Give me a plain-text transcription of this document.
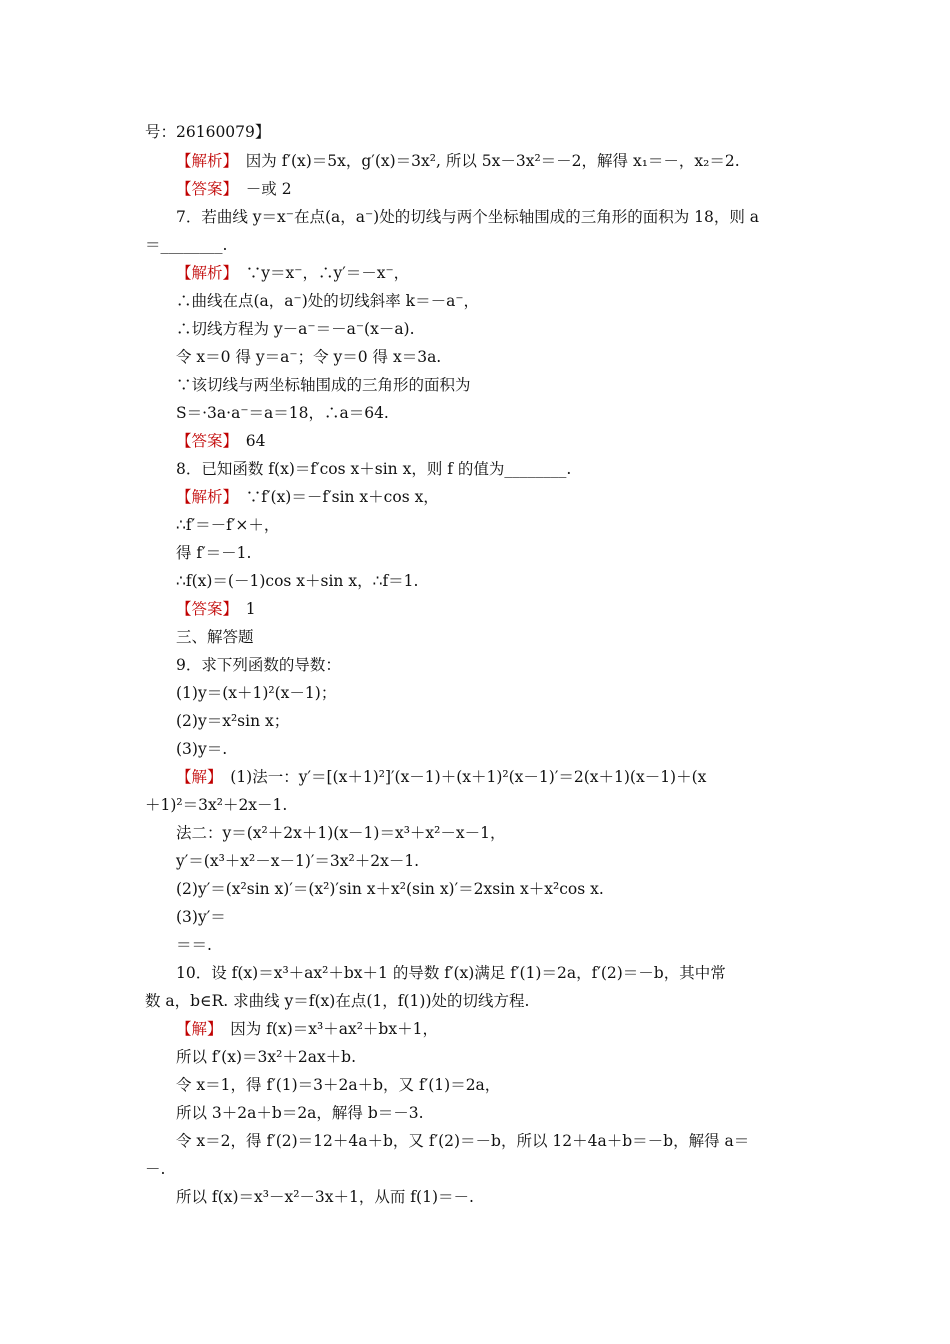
号：26160079】
【解析】　因为 f′(x)＝5x，g′(x)＝3x², 所以 5x－3x²＝－2，解得 x₁＝－，x₂＝2.
【答案】　－或 2
7．若曲线 y＝x⁻在点(a，a⁻)处的切线与两个坐标轴围成的三角形的面积为 18，则 a
＝________.
【解析】　∵y＝x⁻，∴y′＝－x⁻，
∴曲线在点(a，a⁻)处的切线斜率 k＝－a⁻，
∴切线方程为 y－a⁻＝－a⁻(x－a).
令 x＝0 得 y＝a⁻；令 y＝0 得 x＝3a.
∵该切线与两坐标轴围成的三角形的面积为
S＝·3a·a⁻＝a＝18，∴a＝64.
【答案】　64
8．已知函数 f(x)＝f′cos x＋sin x，则 f 的值为________.
【解析】　∵f′(x)＝－f′sin x＋cos x，
∴f′＝－f′×＋，
得 f′＝－1.
∴f(x)＝(－1)cos x＋sin x，∴f＝1.
【答案】　1
三、解答题
9．求下列函数的导数：
(1)y＝(x＋1)²(x－1)；
(2)y＝x²sin x；
(3)y＝.
【解】　(1)法一：y′＝[(x＋1)²]′(x－1)＋(x＋1)²(x－1)′＝2(x＋1)(x－1)＋(x
＋1)²＝3x²＋2x－1.
法二：y＝(x²＋2x＋1)(x－1)＝x³＋x²－x－1，
y′＝(x³＋x²－x－1)′＝3x²＋2x－1.
(2)y′＝(x²sin x)′＝(x²)′sin x＋x²(sin x)′＝2xsin x＋x²cos x.
(3)y′＝
＝＝.
10．设 f(x)＝x³＋ax²＋bx＋1 的导数 f′(x)满足 f′(1)＝2a，f′(2)＝－b，其中常
数 a，b∈R. 求曲线 y＝f(x)在点(1，f(1))处的切线方程.
【解】　因为 f(x)＝x³＋ax²＋bx＋1，
所以 f′(x)＝3x²＋2ax＋b.
令 x＝1，得 f′(1)＝3＋2a＋b，又 f′(1)＝2a，
所以 3＋2a＋b＝2a，解得 b＝－3.
令 x＝2，得 f′(2)＝12＋4a＋b，又 f′(2)＝－b，所以 12＋4a＋b＝－b，解得 a＝
－.
所以 f(x)＝x³－x²－3x＋1，从而 f(1)＝－.
